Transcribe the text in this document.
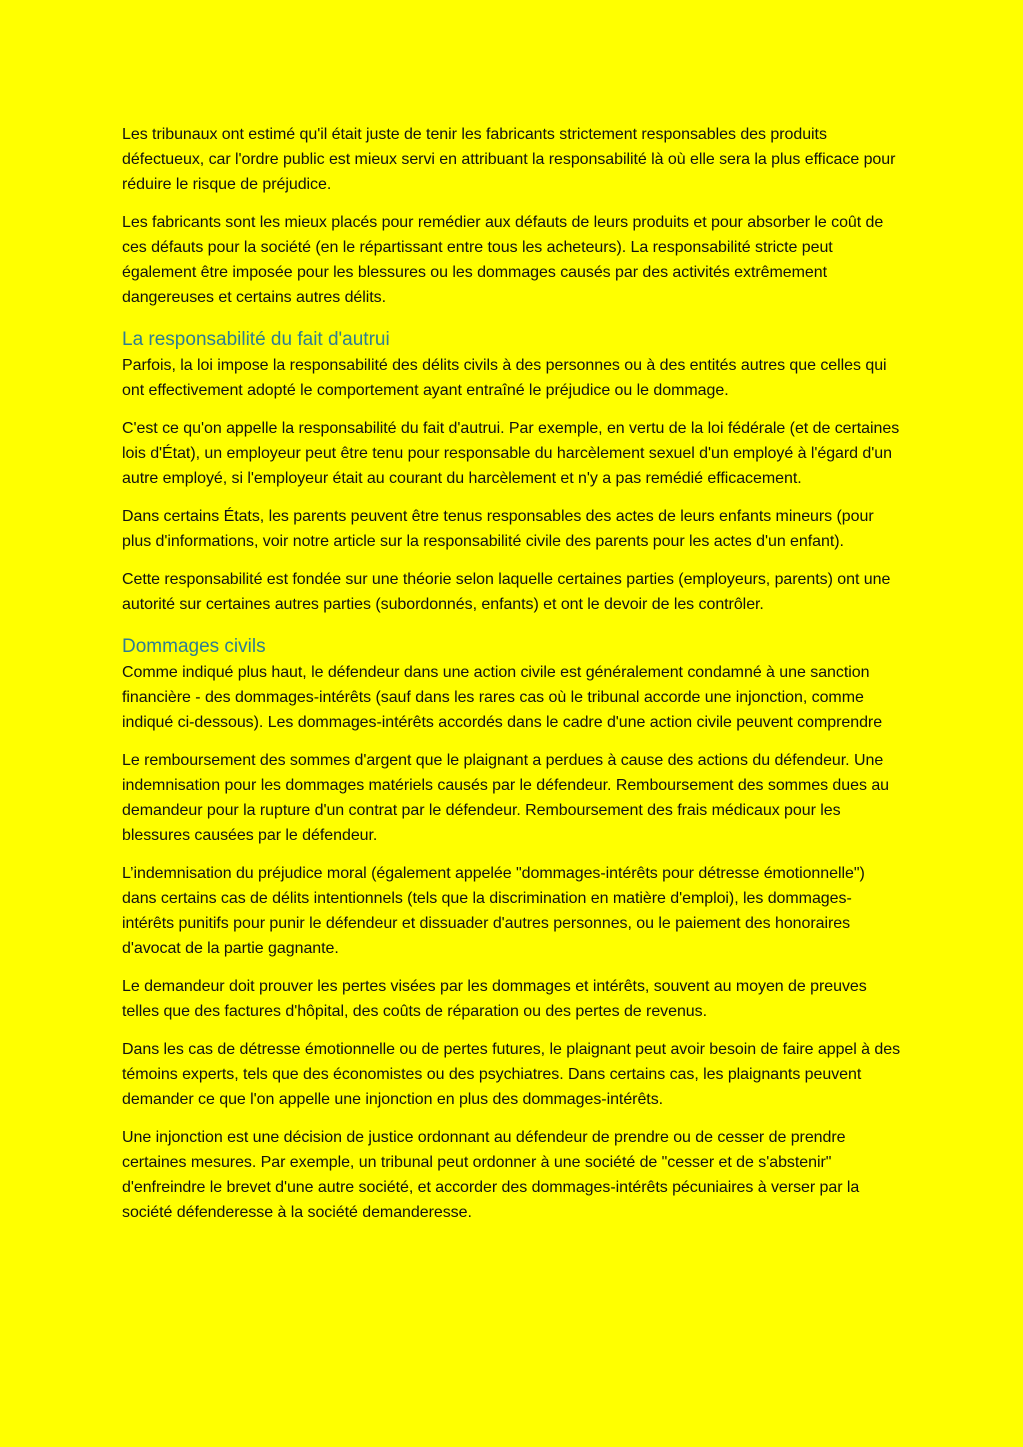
Les tribunaux ont estimé qu'il était juste de tenir les fabricants strictement responsables des produits défectueux, car l'ordre public est mieux servi en attribuant la responsabilité là où elle sera la plus efficace pour réduire le risque de préjudice.

Les fabricants sont les mieux placés pour remédier aux défauts de leurs produits et pour absorber le coût de ces défauts pour la société (en le répartissant entre tous les acheteurs). La responsabilité stricte peut également être imposée pour les blessures ou les dommages causés par des activités extrêmement dangereuses et certains autres délits.

La responsabilité du fait d'autrui

Parfois, la loi impose la responsabilité des délits civils à des personnes ou à des entités autres que celles qui ont effectivement adopté le comportement ayant entraîné le préjudice ou le dommage.

C'est ce qu'on appelle la responsabilité du fait d'autrui. Par exemple, en vertu de la loi fédérale (et de certaines lois d'État), un employeur peut être tenu pour responsable du harcèlement sexuel d'un employé à l'égard d'un autre employé, si l'employeur était au courant du harcèlement et n'y a pas remédié efficacement.

Dans certains États, les parents peuvent être tenus responsables des actes de leurs enfants mineurs (pour plus d'informations, voir notre article sur la responsabilité civile des parents pour les actes d'un enfant).

Cette responsabilité est fondée sur une théorie selon laquelle certaines parties (employeurs, parents) ont une autorité sur certaines autres parties (subordonnés, enfants) et ont le devoir de les contrôler.

Dommages civils

Comme indiqué plus haut, le défendeur dans une action civile est généralement condamné à une sanction financière - des dommages-intérêts (sauf dans les rares cas où le tribunal accorde une injonction, comme indiqué ci-dessous). Les dommages-intérêts accordés dans le cadre d'une action civile peuvent comprendre

Le remboursement des sommes d'argent que le plaignant a perdues à cause des actions du défendeur. Une indemnisation pour les dommages matériels causés par le défendeur. Remboursement des sommes dues au demandeur pour la rupture d'un contrat par le défendeur. Remboursement des frais médicaux pour les blessures causées par le défendeur.

L’indemnisation du préjudice moral (également appelée "dommages-intérêts pour détresse émotionnelle") dans certains cas de délits intentionnels (tels que la discrimination en matière d'emploi), les dommages-intérêts punitifs pour punir le défendeur et dissuader d'autres personnes, ou le paiement des honoraires d'avocat de la partie gagnante.

Le demandeur doit prouver les pertes visées par les dommages et intérêts, souvent au moyen de preuves telles que des factures d'hôpital, des coûts de réparation ou des pertes de revenus.

Dans les cas de détresse émotionnelle ou de pertes futures, le plaignant peut avoir besoin de faire appel à des témoins experts, tels que des économistes ou des psychiatres. Dans certains cas, les plaignants peuvent demander ce que l'on appelle une injonction en plus des dommages-intérêts.

Une injonction est une décision de justice ordonnant au défendeur de prendre ou de cesser de prendre certaines mesures. Par exemple, un tribunal peut ordonner à une société de "cesser et de s'abstenir" d'enfreindre le brevet d'une autre société, et accorder des dommages-intérêts pécuniaires à verser par la société défenderesse à la société demanderesse.
